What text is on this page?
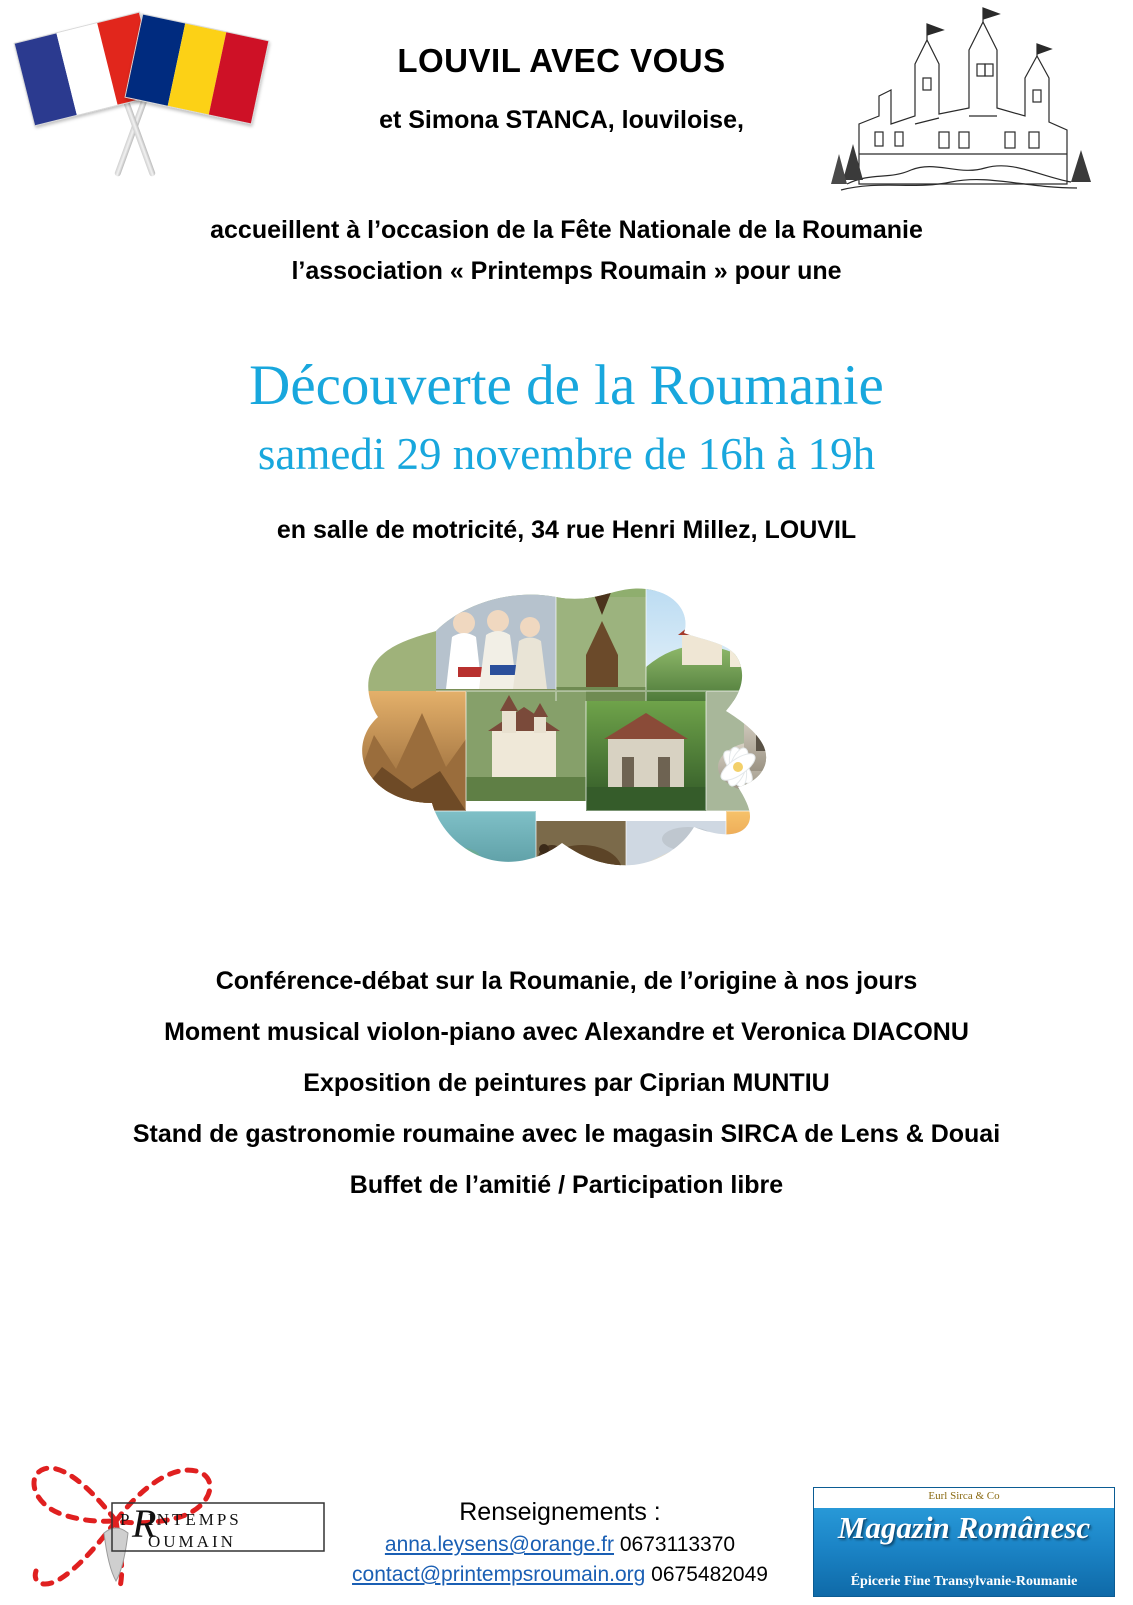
LOUVIL AVEC VOUS
et Simona STANCA, louviloise,
accueillent à l’occasion de la Fête Nationale de la Roumanie
l’association « Printemps Roumain » pour une
Découverte de la Roumanie
samedi 29 novembre de 16h à 19h
en salle de motricité, 34 rue Henri Millez, LOUVIL
Conférence-débat sur la Roumanie, de l’origine à nos jours
Moment musical violon-piano avec Alexandre et Veronica DIACONU
Exposition de peintures par Ciprian MUNTIU
Stand de gastronomie roumaine avec le magasin SIRCA de Lens & Douai
Buffet de l’amitié / Participation libre
P INTEMPS
OUMAIN
R	Renseignements :
anna.leysens@orange.fr 0673113370
contact@printempsroumain.org 0675482049
Eurl Sirca & Co
Magazin Românesc
Épicerie Fine Transylvanie-Roumanie
